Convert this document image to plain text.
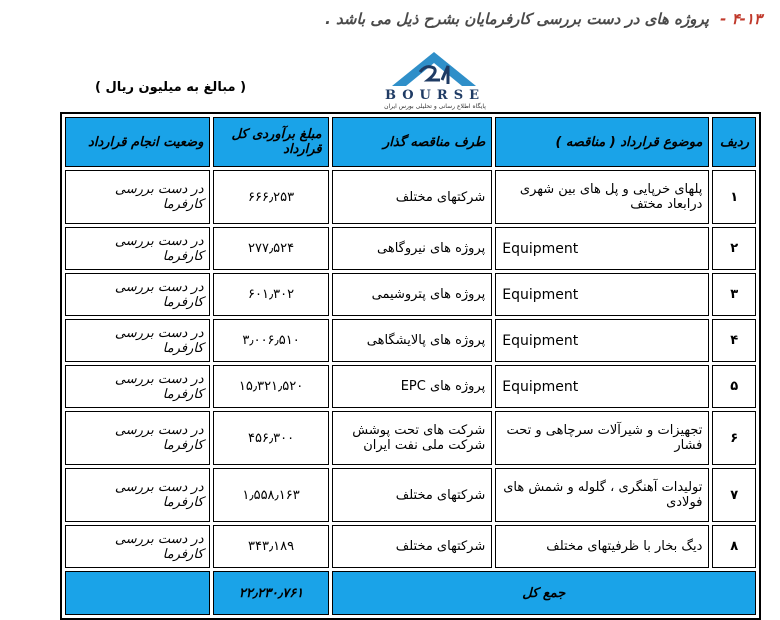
۴-۱۳ - پروژه های در دست بررسی کارفرمایان بشرح ذیل می باشد .
( مبالغ به میلیون ریال )
BOURSE
پایگاه اطلاع رسانی و تحلیلی بورس ایران
ردیف	موضوع قرارداد ( مناقصه )	طرف مناقصه گذار	مبلغ برآوردی کل قرارداد	وضعیت انجام قرارداد
۱	پلهای خرپایی و پل های بین شهری درابعاد مختف	شرکتهای مختلف	۶۶۶٫۲۵۳	در دست بررسی کارفرما
۲	Equipment	پروژه های نیروگاهی	۲۷۷٫۵۲۴	در دست بررسی کارفرما
۳	Equipment	پروژه های پتروشیمی	۶۰۱٫۳۰۲	در دست بررسی کارفرما
۴	Equipment	پروژه های پالایشگاهی	۳٫۰۰۶٫۵۱۰	در دست بررسی کارفرما
۵	Equipment	پروژه های EPC	۱۵٫۳۲۱٫۵۲۰	در دست بررسی کارفرما
۶	تجهیزات و شیرآلات سرچاهی و تحت فشار	شرکت های تحت پوشش شرکت ملی نفت ایران	۴۵۶٫۳۰۰	در دست بررسی کارفرما
۷	تولیدات آهنگری ، گلوله و شمش های فولادی	شرکتهای مختلف	۱٫۵۵۸٫۱۶۳	در دست بررسی کارفرما
۸	دیگ بخار با ظرفیتهای مختلف	شرکتهای مختلف	۳۴۳٫۱۸۹	در دست بررسی کارفرما
جمع کل			۲۲٫۲۳۰٫۷۶۱	
